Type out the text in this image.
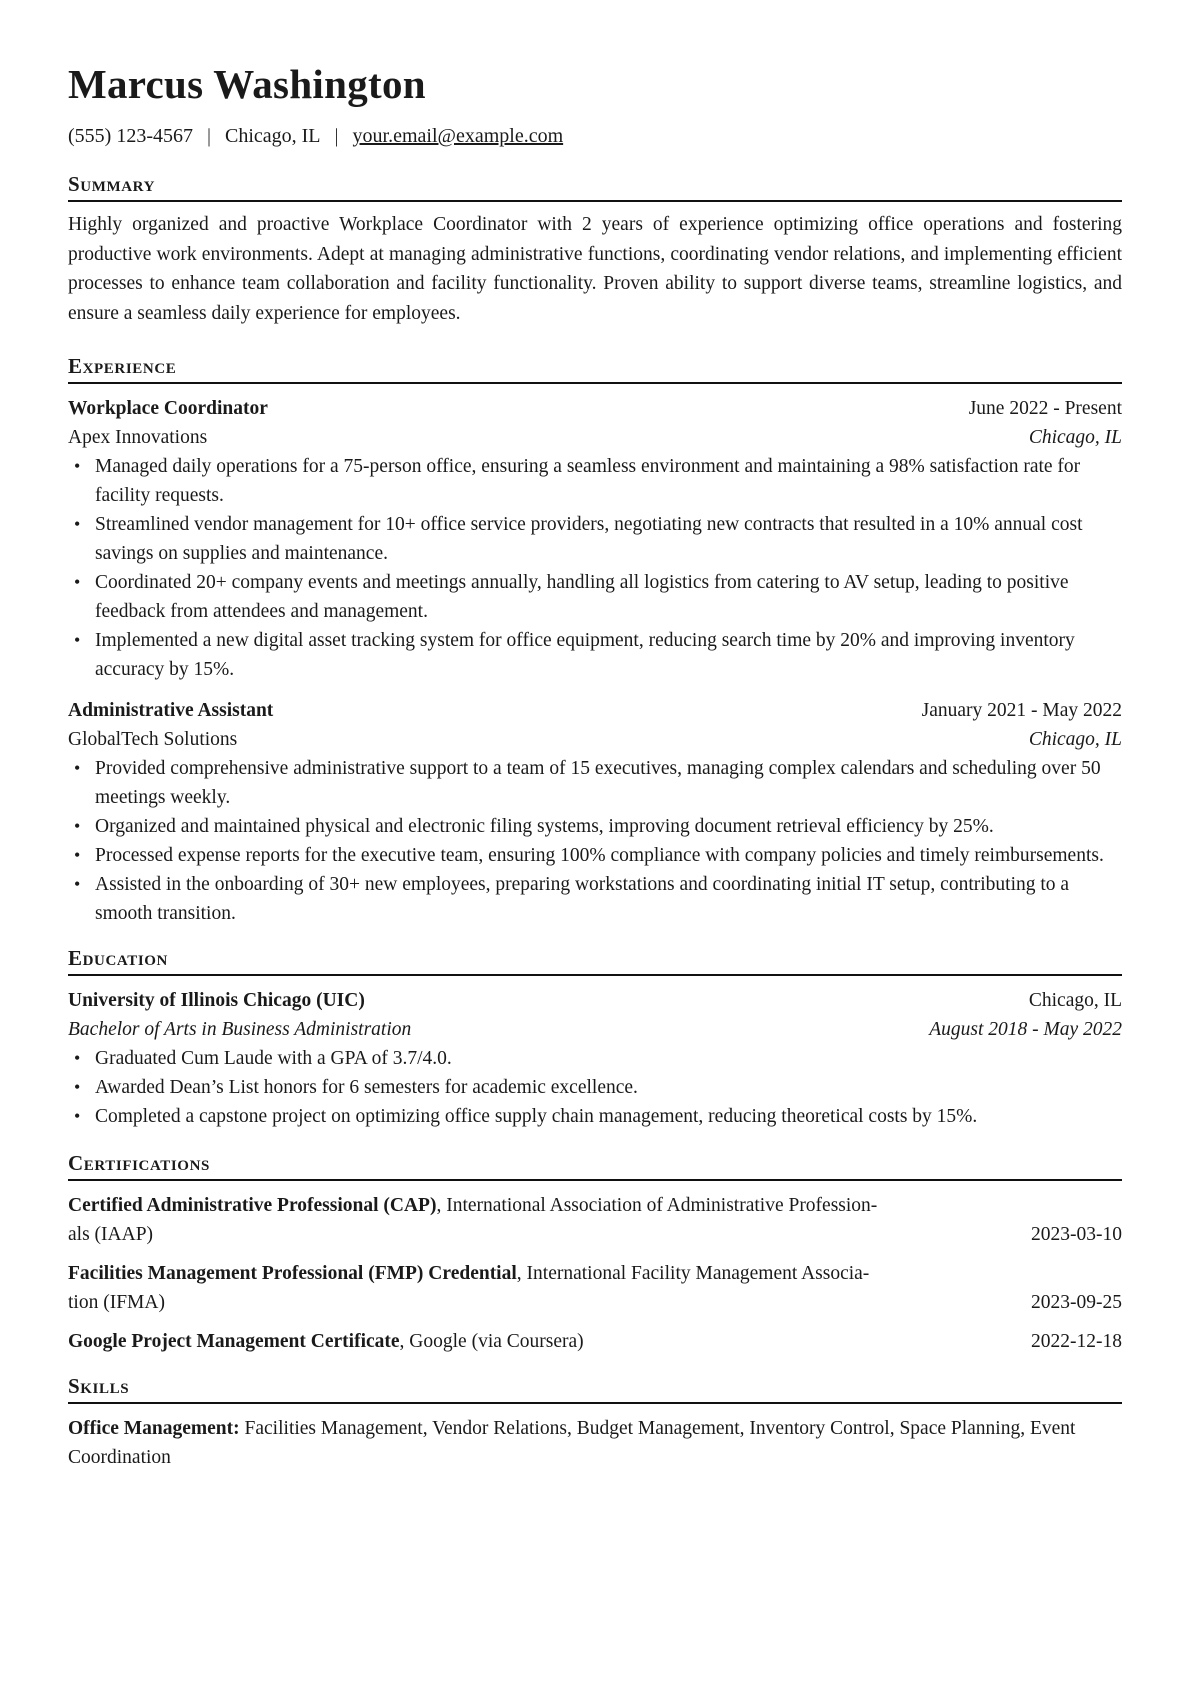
Marcus Washington
(555) 123-4567 | Chicago, IL | your.email@example.com
Summary
Highly organized and proactive Workplace Coordinator with 2 years of experience optimizing office operations and fostering productive work environments. Adept at managing administrative functions, coordinating vendor relations, and implementing efficient processes to enhance team collaboration and facility functionality. Proven ability to support diverse teams, streamline logistics, and ensure a seamless daily experience for employees.
Experience
Workplace Coordinator	June 2022 - Present
Apex Innovations	Chicago, IL
• Managed daily operations for a 75-person office, ensuring a seamless environment and maintaining a 98% satisfaction rate for facility requests.
• Streamlined vendor management for 10+ office service providers, negotiating new contracts that resulted in a 10% annual cost savings on supplies and maintenance.
• Coordinated 20+ company events and meetings annually, handling all logistics from catering to AV setup, leading to positive feedback from attendees and management.
• Implemented a new digital asset tracking system for office equipment, reducing search time by 20% and improving inventory accuracy by 15%.
Administrative Assistant	January 2021 - May 2022
GlobalTech Solutions	Chicago, IL
• Provided comprehensive administrative support to a team of 15 executives, managing complex calendars and scheduling over 50 meetings weekly.
• Organized and maintained physical and electronic filing systems, improving document retrieval efficiency by 25%.
• Processed expense reports for the executive team, ensuring 100% compliance with company policies and timely reimbursements.
• Assisted in the onboarding of 30+ new employees, preparing workstations and coordinating initial IT setup, contributing to a smooth transition.
Education
University of Illinois Chicago (UIC)	Chicago, IL
Bachelor of Arts in Business Administration	August 2018 - May 2022
• Graduated Cum Laude with a GPA of 3.7/4.0.
• Awarded Dean’s List honors for 6 semesters for academic excellence.
• Completed a capstone project on optimizing office supply chain management, reducing theoretical costs by 15%.
Certifications
Certified Administrative Professional (CAP), International Association of Administrative Profession-
als (IAAP)	2023-03-10
Facilities Management Professional (FMP) Credential, International Facility Management Associa-
tion (IFMA)	2023-09-25
Google Project Management Certificate, Google (via Coursera)	2022-12-18
Skills
Office Management: Facilities Management, Vendor Relations, Budget Management, Inventory Control, Space Planning, Event Coordination
